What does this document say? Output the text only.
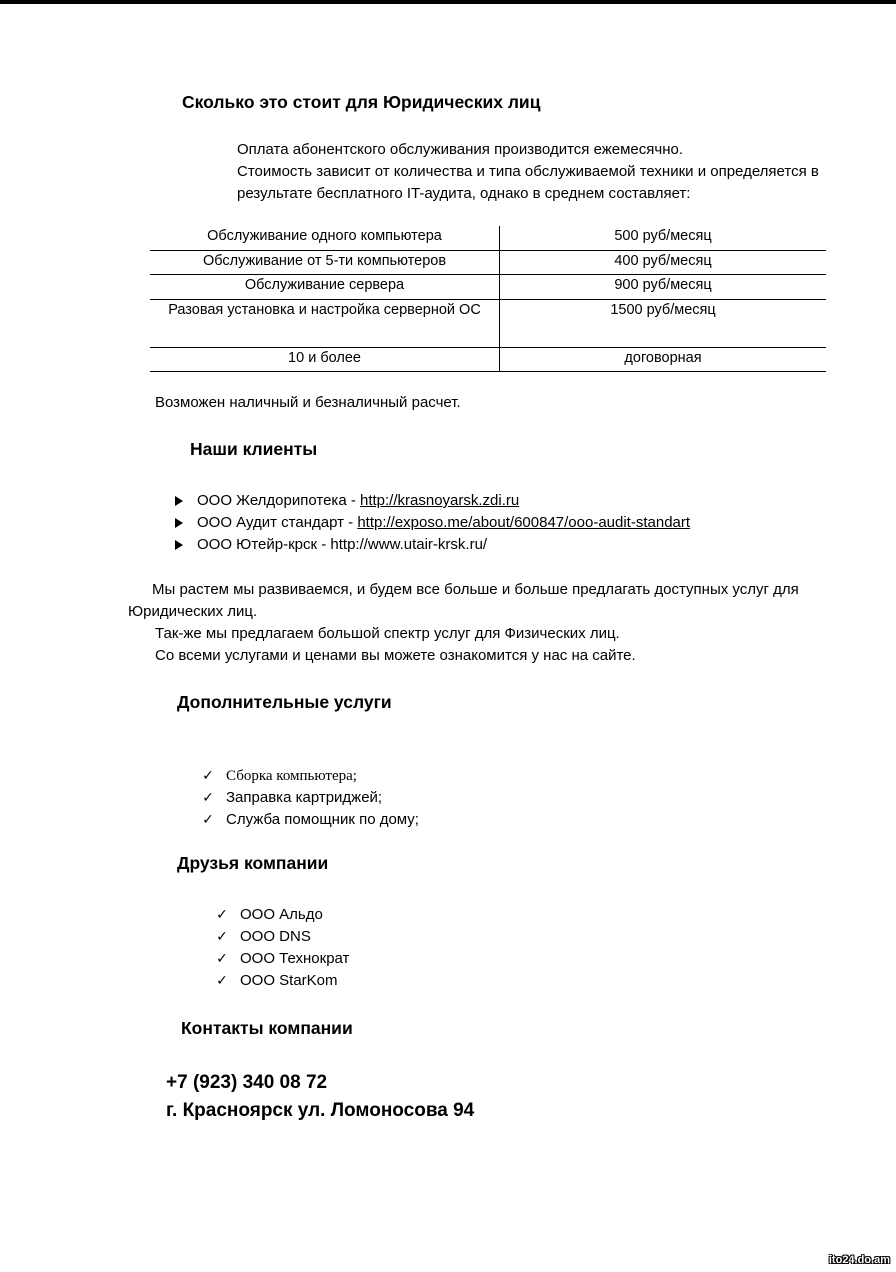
Сколько это стоит для Юридических лиц
Оплата абонентского обслуживания производится ежемесячно.
Стоимость зависит от количества и типа обслуживаемой техники и определяется в
результате бесплатного IT-аудита, однако в среднем составляет:
Обслуживание одного компьютера	500 руб/месяц
Обслуживание от 5-ти компьютеров	400 руб/месяц
Обслуживание сервера	900 руб/месяц
Разовая установка и настройка серверной ОС	1500 руб/месяц
10 и более	договорная
Возможен наличный и безналичный расчет.
Наши клиенты
ООО Желдорипотека - http://krasnoyarsk.zdi.ru
ООО Аудит стандарт - http://exposo.me/about/600847/ooo-audit-standart
ООО Ютейр-крск - http://www.utair-krsk.ru/
Мы растем мы развиваемся, и будем все больше и больше предлагать доступных услуг для
Юридических лиц.
Так-же мы предлагаем большой спектр услуг для Физических лиц.
Со всеми услугами и ценами вы можете ознакомится у нас на сайте.
Дополнительные услуги
✓ Сборка компьютера;
✓ Заправка картриджей;
✓ Служба помощник по дому;
Друзья компании
✓ ООО Альдо
✓ ООО DNS
✓ ООО Технократ
✓ ООО StarKom
Контакты компании
+7 (923) 340 08 72
г. Красноярск ул. Ломоносова 94
ito24.do.am
